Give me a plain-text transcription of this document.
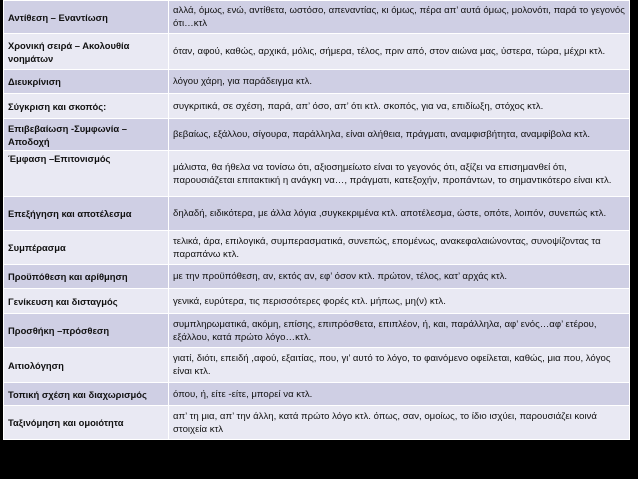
Αντίθεση – Εναντίωση	αλλά, όμως, ενώ, αντίθετα, ωστόσο, απεναντίας, κι όμως, πέρα απ’ αυτά όμως, μολονότι, παρά το γεγονός ότι…κτλ
Χρονική σειρά – Ακολουθία νοημάτων	όταν, αφού, καθώς, αρχικά, μόλις, σήμερα, τέλος, πριν από, στον αιώνα μας, ύστερα, τώρα, μέχρι κτλ.
Διευκρίνιση	λόγου χάρη, για παράδειγμα κτλ.
Σύγκριση και σκοπός:	συγκριτικά, σε σχέση, παρά, απ’ όσο, απ’ ότι κτλ. σκοπός, για να, επιδίωξη, στόχος κτλ.
Επιβεβαίωση -Συμφωνία – Αποδοχή	βεβαίως, εξάλλου, σίγουρα, παράλληλα, είναι αλήθεια, πράγματι, αναμφισβήτητα, αναμφίβολα κτλ.
Έμφαση –Επιτονισμός	μάλιστα, θα ήθελα να τονίσω ότι, αξιοσημείωτο είναι το γεγονός ότι, αξίζει να επισημανθεί ότι, παρουσιάζεται επιτακτική η ανάγκη να…, πράγματι, κατεξοχήν, προπάντων, το σημαντικότερο είναι κτλ.
Επεξήγηση και αποτέλεσμα	δηλαδή, ειδικότερα, με άλλα λόγια ,συγκεκριμένα κτλ. αποτέλεσμα, ώστε, οπότε, λοιπόν, συνεπώς κτλ.
Συμπέρασμα	τελικά, άρα, επιλογικά, συμπερασματικά, συνεπώς, επομένως, ανακεφαλαιώνοντας, συνοψίζοντας τα παραπάνω κτλ.
Προϋπόθεση και αρίθμηση	με την προϋπόθεση, αν, εκτός αν, εφ’ όσον κτλ. πρώτον, τέλος, κατ’ αρχάς κτλ.
Γενίκευση και δισταγμός	γενικά, ευρύτερα, τις περισσότερες φορές κτλ. μήπως, μη(ν) κτλ.
Προσθήκη –πρόσθεση	συμπληρωματικά, ακόμη, επίσης, επιπρόσθετα, επιπλέον, ή, και, παράλληλα, αφ’ ενός…αφ’ ετέρου, εξάλλου, κατά πρώτο λόγο…κτλ.
Αιτιολόγηση	γιατί, διότι, επειδή ,αφού, εξαιτίας, που, γι’ αυτό το λόγο, το φαινόμενο οφείλεται, καθώς, μια που, λόγος είναι κτλ.
Τοπική σχέση και διαχωρισμός	όπου, ή, είτε -είτε, μπορεί να κτλ.
Ταξινόμηση και ομοιότητα	απ’ τη μια, απ’ την άλλη, κατά πρώτο λόγο κτλ. όπως, σαν, ομοίως, το ίδιο ισχύει, παρουσιάζει κοινά στοιχεία κτλ
